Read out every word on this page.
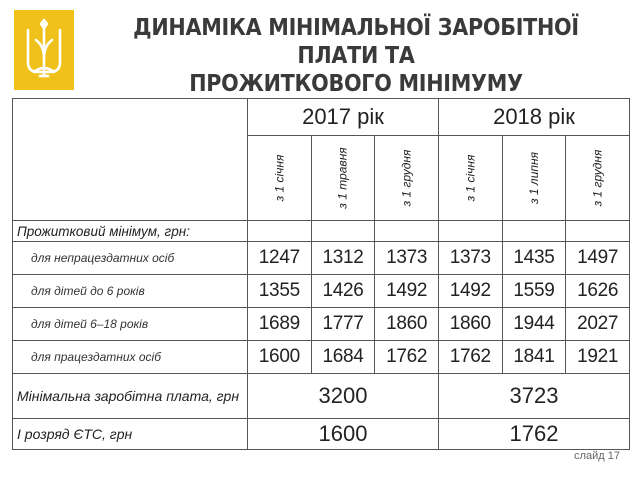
ДИНАМІКА МІНІМАЛЬНОЇ ЗАРОБІТНОЇ ПЛАТИ ТА
ПРОЖИТКОВОГО МІНІМУМУ
	2017 рік			2018 рік		
	з 1 січня	з 1 травня	з 1 грудня	з 1 січня	з 1 липня	з 1 грудня
Прожитковий мінімум, грн:						
для непрацездатних осіб	1247	1312	1373	1373	1435	1497
для дітей до 6 років	1355	1426	1492	1492	1559	1626
для дітей 6–18 років	1689	1777	1860	1860	1944	2027
для працездатних осіб	1600	1684	1762	1762	1841	1921
Мінімальна заробітна плата, грн	3200			3723		
І розряд ЄТС, грн	1600			1762		
слайд 17
